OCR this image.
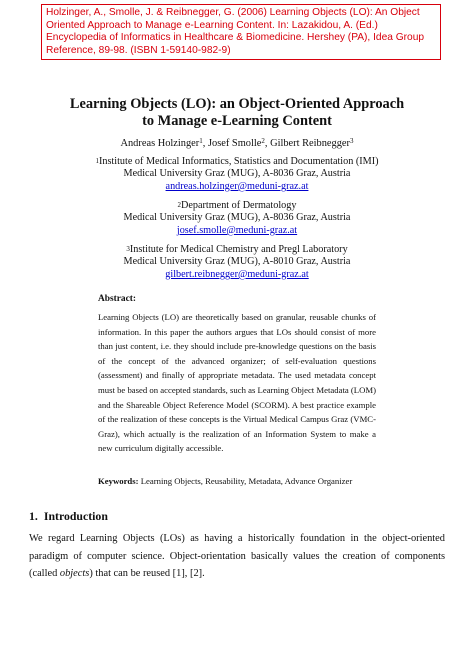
Holzinger, A., Smolle, J. & Reibnegger, G. (2006) Learning Objects (LO): An Object Oriented Approach to Manage e-Learning Content. In: Lazakidou, A. (Ed.) Encyclopedia of Informatics in Healthcare & Biomedicine. Hershey (PA), Idea Group Reference, 89-98. (ISBN 1-59140-982-9)
Learning Objects (LO): an Object-Oriented Approach
to Manage e-Learning Content
Andreas Holzinger$^1$, Josef Smolle$^2$, Gilbert Reibnegger$^3$
$^1$Institute of Medical Informatics, Statistics and Documentation (IMI)
Medical University Graz (MUG), A-8036 Graz, Austria
andreas.holzinger@meduni-graz.at
$^2$Department of Dermatology
Medical University Graz (MUG), A-8036 Graz, Austria
josef.smolle@meduni-graz.at
$^3$Institute for Medical Chemistry and Pregl Laboratory
Medical University Graz (MUG), A-8010 Graz, Austria
gilbert.reibnegger@meduni-graz.at
Abstract:

Learning Objects (LO) are theoretically based on granular, reusable chunks of information. In this paper the authors argues that LOs should consist of more than just content, i.e. they should include pre-knowledge questions on the basis of the concept of the advanced organizer; of self-evaluation questions (assessment) and finally of appropriate metadata. The used metadata concept must be based on accepted standards, such as Learning Object Metadata (LOM) and the Shareable Object Reference Model (SCORM). A best practice example of the realization of these concepts is the Virtual Medical Campus Graz (VMC-Graz), which actually is the realization of an Information System to make a new curriculum digitally accessible.

Keywords: Learning Objects, Reusability, Metadata, Advance Organizer
1. Introduction

We regard Learning Objects (LOs) as having a historically foundation in the object-oriented paradigm of computer science. Object-orientation basically values the creation of components (called objects) that can be reused [1], [2].
